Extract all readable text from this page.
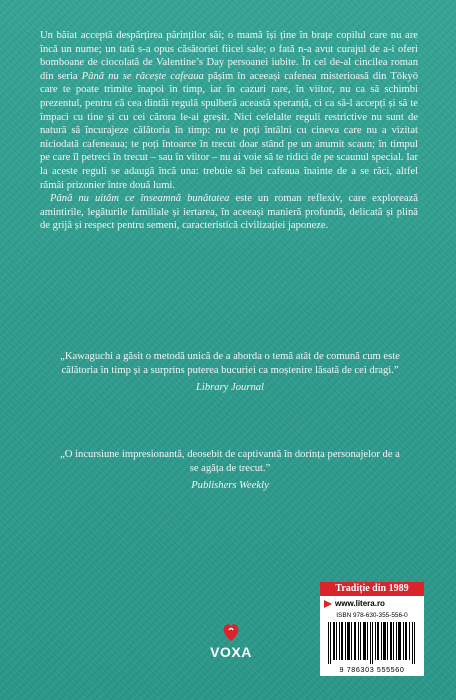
Un băiat acceptă despărțirea părinților săi; o mamă își ține în brațe copilul care nu are încă un nume; un tată s-a opus căsătoriei fiicei sale; o fată n-a avut curajul de a-i oferi bomboane de ciocolată de Valentine’s Day persoanei iubite. În cel de-al cincilea roman din seria Până nu se răcește cafeaua pășim în aceeași cafenea misterioasă din Tōkyō care te poate trimite înapoi în timp, iar în cazuri rare, în viitor, nu ca să schimbi prezentul, pentru că cea dintâi regulă spulberă această speranță, ci ca să-l accepți și să te împaci cu tine și cu cei cărora le-ai greșit. Nici celelalte reguli restrictive nu sunt de natură să încurajeze călătoria în timp: nu te poți întâlni cu cineva care nu a vizitat niciodată cafeneaua; te poți întoarce în trecut doar stând pe un anumit scaun; în timpul pe care îl petreci în trecut – sau în viitor – nu ai voie să te ridici de pe scaunul special. Iar la aceste reguli se adaugă încă una: trebuie să bei cafeaua înainte de a se răci, altfel rămâi prizonier între două lumi.

Până nu uităm ce înseamnă bunătatea este un roman reflexiv, care explorează amintirile, legăturile familiale și iertarea, în aceeași manieră profundă, delicată și plină de grijă și respect pentru semeni, caracteristică civilizației japoneze.

„Kawaguchi a găsit o metodă unică de a aborda o temă atât de comună cum este călătoria în timp și a surprins puterea bucuriei ca moștenire lăsată de cei dragi.”
Library Journal
„O incursiune impresionantă, deosebit de captivantă în dorința personajelor de a se agăța de trecut.”
Publishers Weekly
VOXA
Tradiție din 1989
www.litera.ro
ISBN 978-630-355-556-0
9 786303 555560
